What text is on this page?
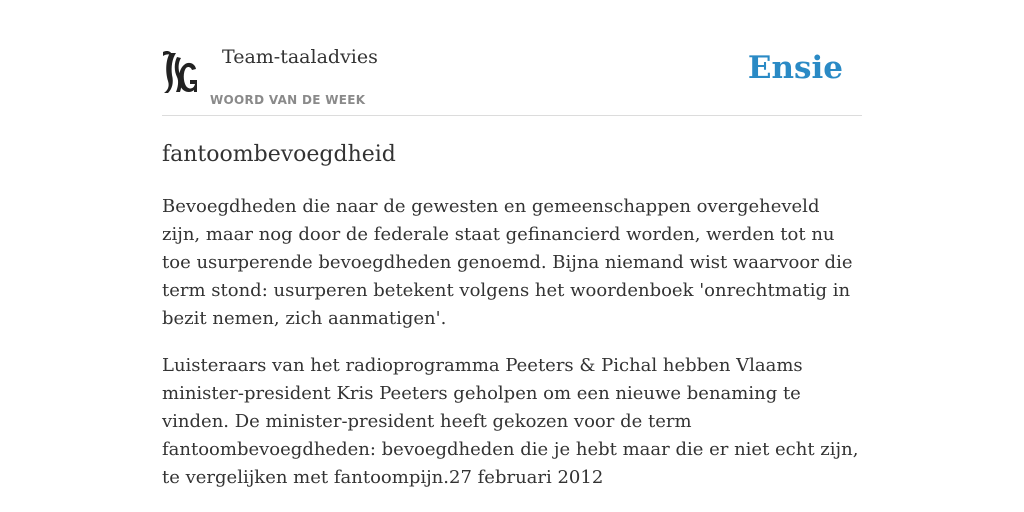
Team-taaladvies
WOORD VAN DE WEEK
Ensie
fantoombevoegdheid

Bevoegdheden die naar de gewesten en gemeenschappen overgeheveld zijn, maar nog door de federale staat gefinancierd worden, werden tot nu toe usurperende bevoegdheden genoemd. Bijna niemand wist waarvoor die term stond: usurperen betekent volgens het woordenboek 'onrechtmatig in bezit nemen, zich aanmatigen'.

Luisteraars van het radioprogramma Peeters & Pichal hebben Vlaams minister-president Kris Peeters geholpen om een nieuwe benaming te vinden. De minister-president heeft gekozen voor de term fantoombevoegdheden: bevoegdheden die je hebt maar die er niet echt zijn, te vergelijken met fantoompijn.27 februari 2012
